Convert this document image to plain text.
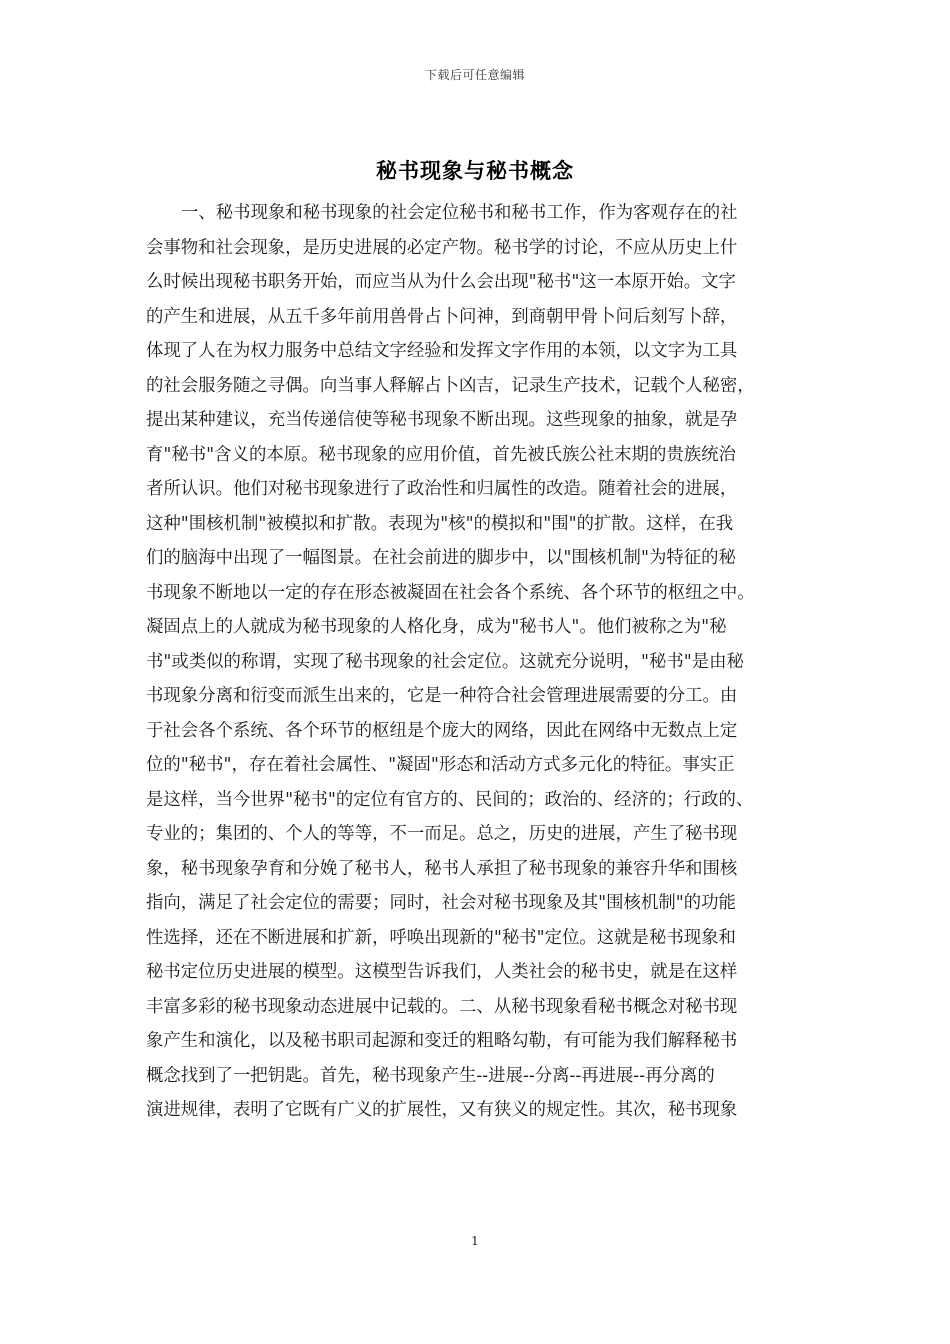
下载后可任意编辑
秘书现象与秘书概念
一、秘书现象和秘书现象的社会定位秘书和秘书工作，作为客观存在的社
会事物和社会现象，是历史进展的必定产物。秘书学的讨论，不应从历史上什
么时候出现秘书职务开始，而应当从为什么会出现"秘书"这一本原开始。文字
的产生和进展，从五千多年前用兽骨占卜问神，到商朝甲骨卜问后刻写卜辞，
体现了人在为权力服务中总结文字经验和发挥文字作用的本领，以文字为工具
的社会服务随之寻偶。向当事人释解占卜凶吉，记录生产技术，记载个人秘密，
提出某种建议，充当传递信使等秘书现象不断出现。这些现象的抽象，就是孕
育"秘书"含义的本原。秘书现象的应用价值，首先被氏族公社末期的贵族统治
者所认识。他们对秘书现象进行了政治性和归属性的改造。随着社会的进展，
这种"围核机制"被模拟和扩散。表现为"核"的模拟和"围"的扩散。这样，在我
们的脑海中出现了一幅图景。在社会前进的脚步中，以"围核机制"为特征的秘
书现象不断地以一定的存在形态被凝固在社会各个系统、各个环节的枢纽之中。
凝固点上的人就成为秘书现象的人格化身，成为"秘书人"。他们被称之为"秘
书"或类似的称谓，实现了秘书现象的社会定位。这就充分说明，"秘书"是由秘
书现象分离和衍变而派生出来的，它是一种符合社会管理进展需要的分工。由
于社会各个系统、各个环节的枢纽是个庞大的网络，因此在网络中无数点上定
位的"秘书"，存在着社会属性、"凝固"形态和活动方式多元化的特征。事实正
是这样，当今世界"秘书"的定位有官方的、民间的；政治的、经济的；行政的、
专业的；集团的、个人的等等，不一而足。总之，历史的进展，产生了秘书现
象，秘书现象孕育和分娩了秘书人，秘书人承担了秘书现象的兼容升华和围核
指向，满足了社会定位的需要；同时，社会对秘书现象及其"围核机制"的功能
性选择，还在不断进展和扩新，呼唤出现新的"秘书"定位。这就是秘书现象和
秘书定位历史进展的模型。这模型告诉我们，人类社会的秘书史，就是在这样
丰富多彩的秘书现象动态进展中记载的。二、从秘书现象看秘书概念对秘书现
象产生和演化，以及秘书职司起源和变迁的粗略勾勒，有可能为我们解释秘书
概念找到了一把钥匙。首先，秘书现象产生--进展--分离--再进展--再分离的
演进规律，表明了它既有广义的扩展性，又有狭义的规定性。其次，秘书现象
1
